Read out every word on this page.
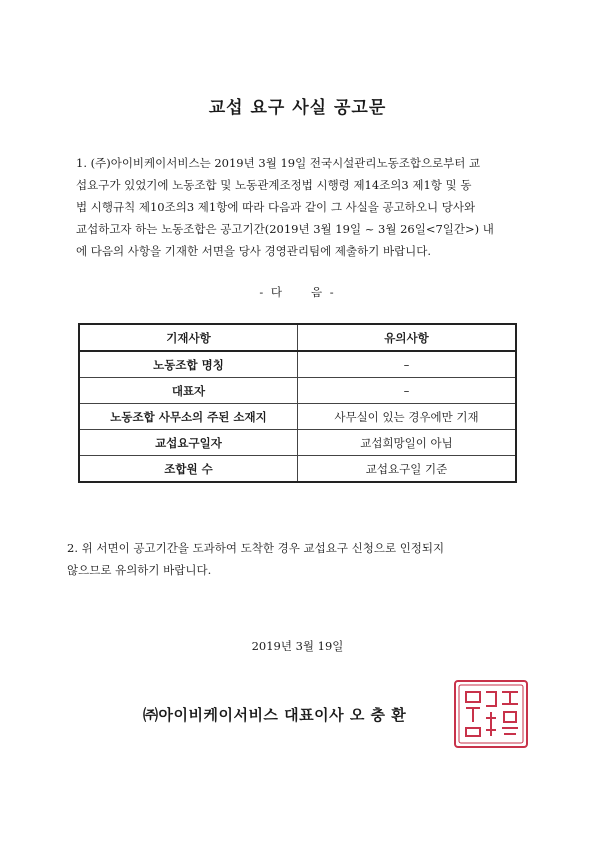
교섭 요구 사실 공고문
1. (주)아이비케이서비스는 2019년 3월 19일 전국시설관리노동조합으로부터 교
섭요구가 있었기에 노동조합 및 노동관계조정법 시행령 제14조의3 제1항 및 동
법 시행규칙 제10조의3 제1항에 따라 다음과 같이 그 사실을 공고하오니 당사와
교섭하고자 하는 노동조합은 공고기간(2019년 3월 19일 ~ 3월 26일<7일간>) 내
에 다음의 사항을 기재한 서면을 당사 경영관리팀에 제출하기 바랍니다.
- 다　　음 -
기재사항	유의사항
노동조합 명칭	–
대표자	–
노동조합 사무소의 주된 소재지	사무실이 있는 경우에만 기재
교섭요구일자	교섭희망일이 아님
조합원 수	교섭요구일 기준
2. 위 서면이 공고기간을 도과하여 도착한 경우 교섭요구 신청으로 인정되지
않으므로 유의하기 바랍니다.
2019년 3월 19일
㈜아이비케이서비스 대표이사 오 충 환
